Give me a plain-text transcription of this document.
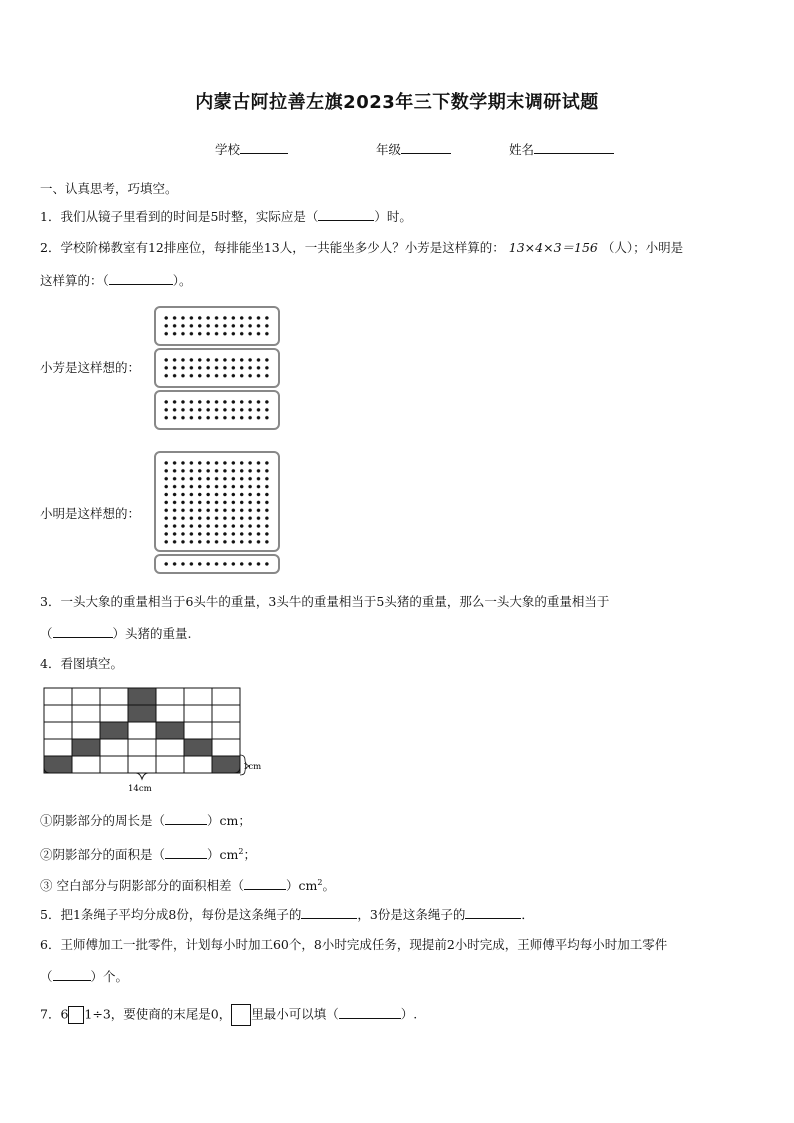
内蒙古阿拉善左旗2023年三下数学期末调研试题
学校	年级	姓名
一、认真思考，巧填空。
1．我们从镜子里看到的时间是5时整，实际应是（	）时。
2．学校阶梯教室有12排座位，每排能坐13人，一共能坐多少人？小芳是这样算的： 13×4×3＝156 （人）；小明是
这样算的：（	）。
小芳是这样想的：
小明是这样想的：
3．一头大象的重量相当于6头牛的重量，3头牛的重量相当于5头猪的重量，那么一头大象的重量相当于
（	）头猪的重量.
4．看图填空。
1cm
14cm
①阴影部分的周长是（	）cm；
②阴影部分的面积是（	）$cm^2$；
③ 空白部分与阴影部分的面积相差（	）$cm^2$。
5．把1条绳子平均分成8份，每份是这条绳子的	，3份是这条绳子的	．
6．王师傅加工一批零件，计划每小时加工60个，8小时完成任务，现提前2小时完成，王师傅平均每小时加工零件
（	）个。
7．6 1÷3，要使商的末尾是0， 里最小可以填（	）.
